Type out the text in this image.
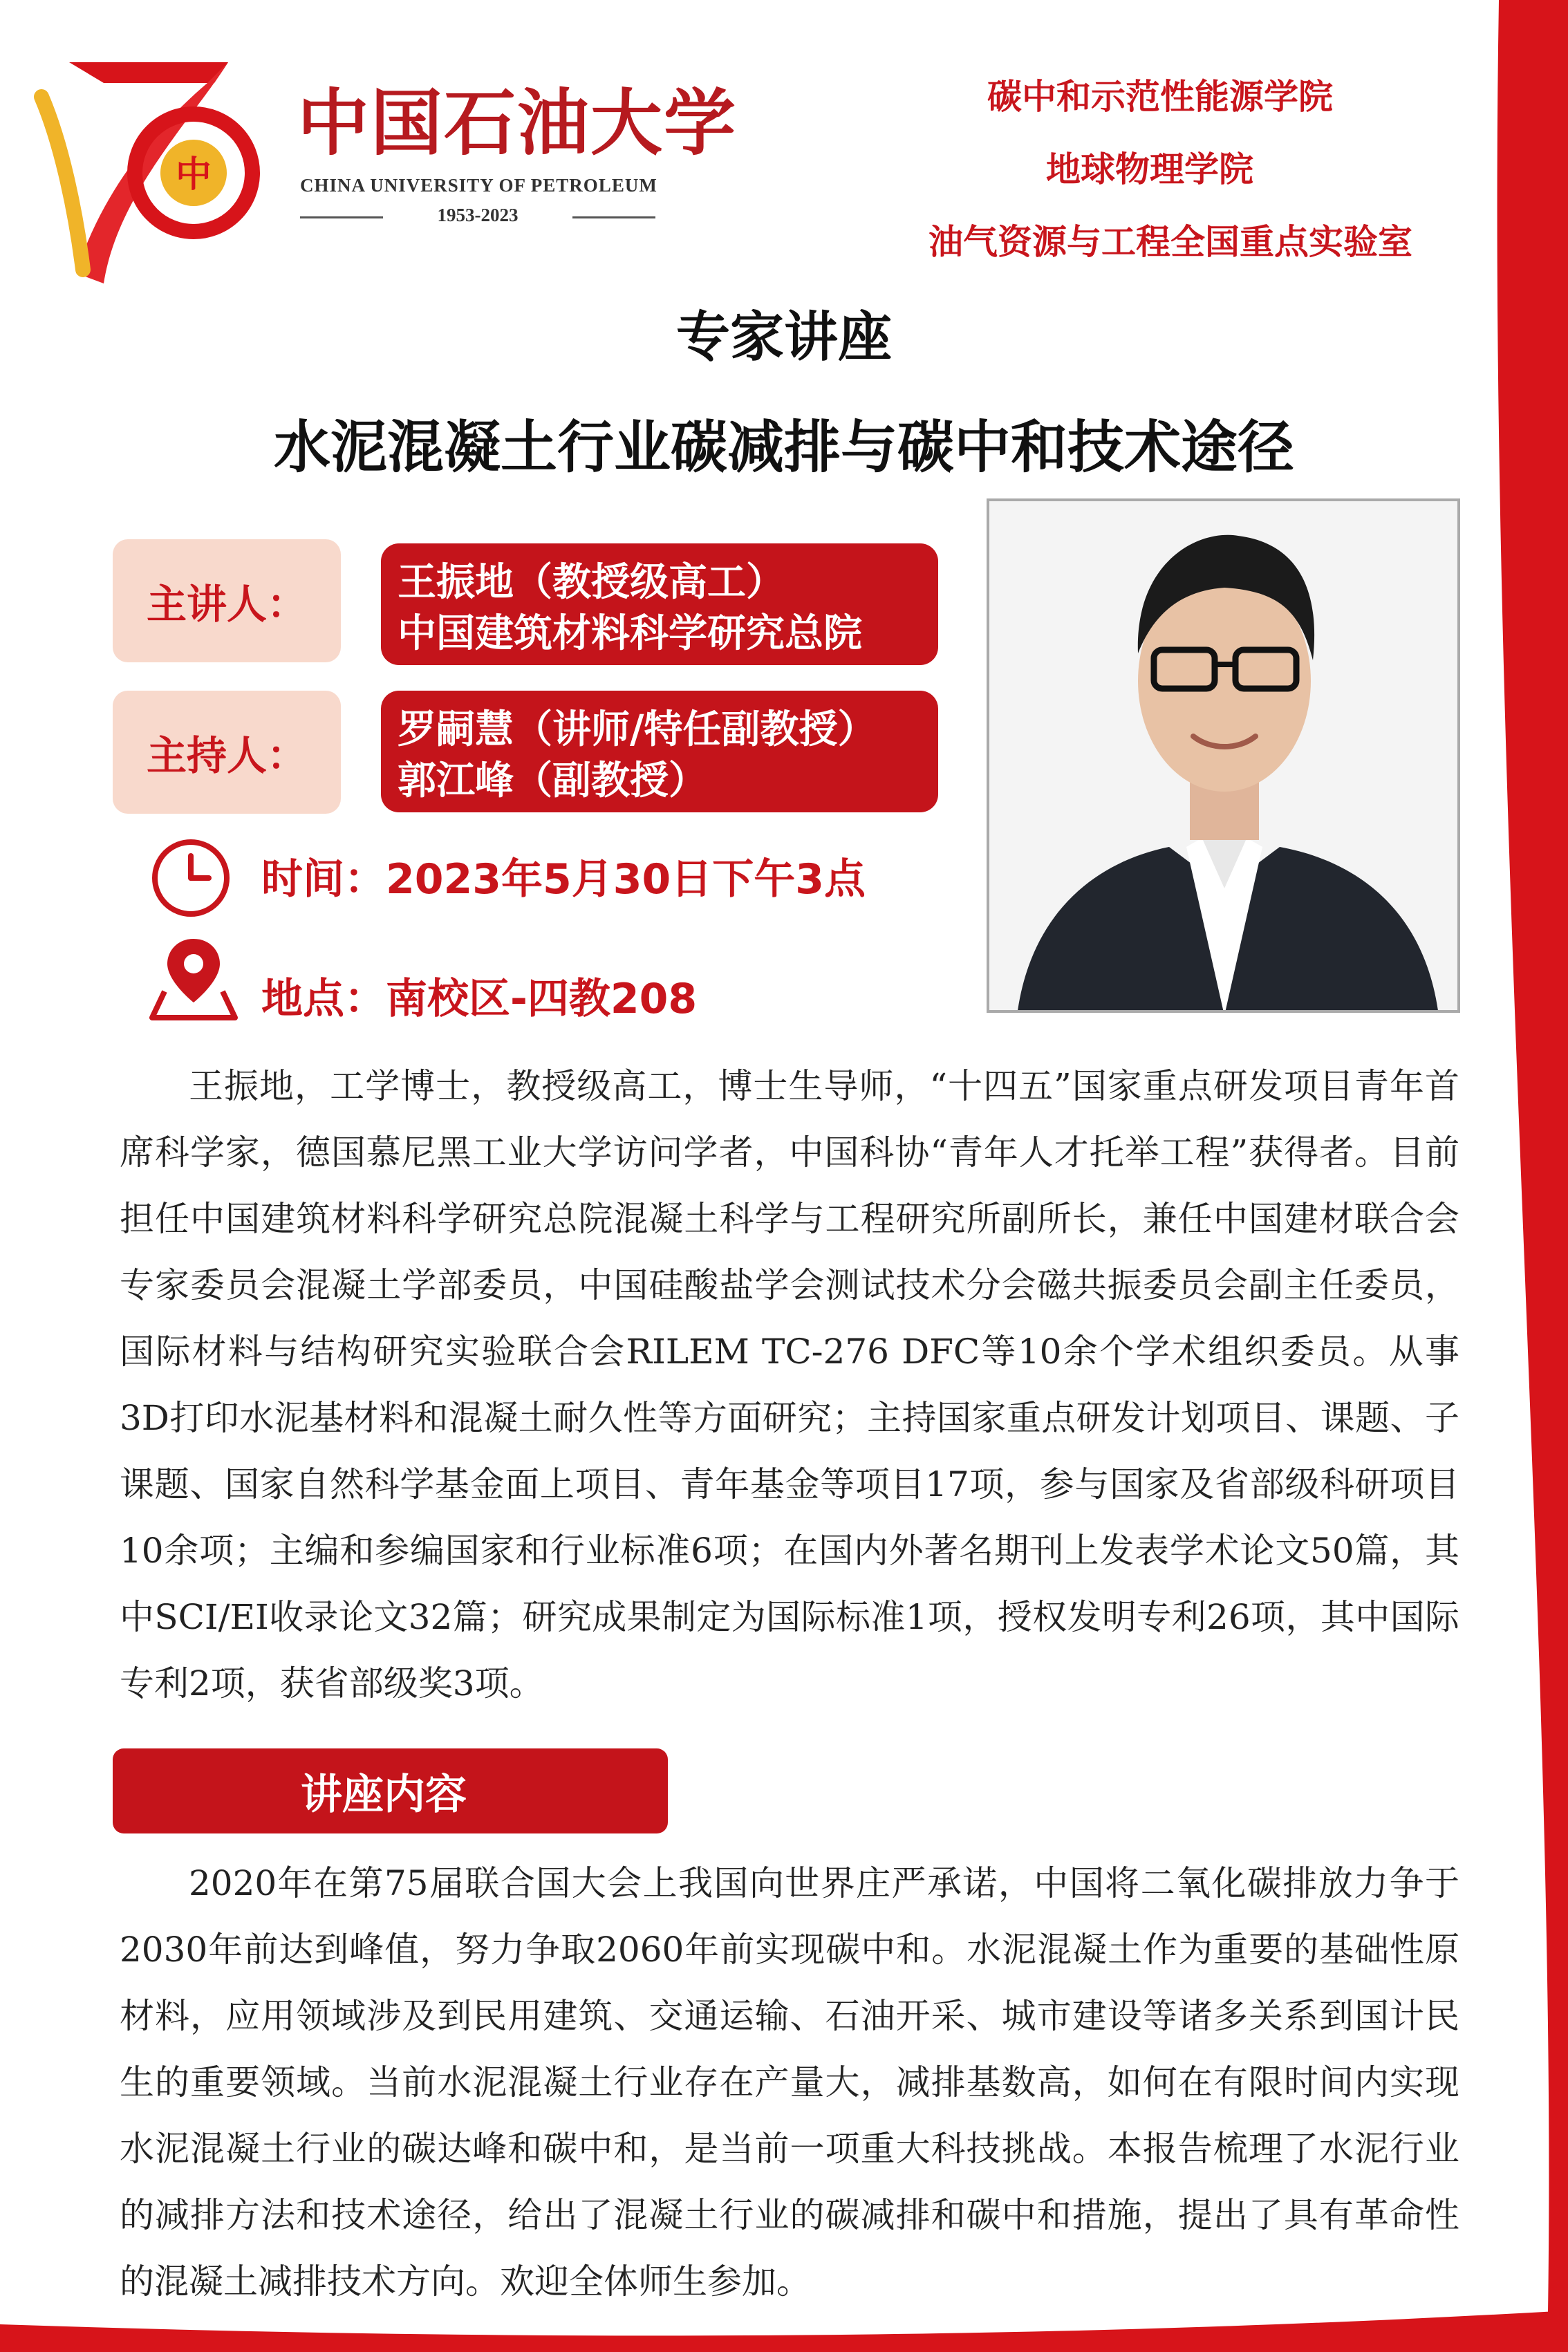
中
中国石油大学
CHINA UNIVERSITY OF PETROLEUM
1953-2023
碳中和示范性能源学院
地球物理学院
油气资源与工程全国重点实验室
专家讲座
水泥混凝土行业碳减排与碳中和技术途径
主讲人：	王振地（教授级高工）
中国建筑材料科学研究总院
主持人：
罗嗣慧（讲师/特任副教授）
郭江峰（副教授）
时间：2023年5月30日下午3点
地点：南校区-四教208

王振地，工学博士，教授级高工，博士生导师，“十四五”国家重点研发项目青年首席科学家，德国慕尼黑工业大学访问学者，中国科协“青年人才托举工程”获得者。目前担任中国建筑材料科学研究总院混凝土科学与工程研究所副所长，兼任中国建材联合会专家委员会混凝土学部委员，中国硅酸盐学会测试技术分会磁共振委员会副主任委员，国际材料与结构研究实验联合会RILEM TC-276 DFC等10余个学术组织委员。从事3D打印水泥基材料和混凝土耐久性等方面研究；主持国家重点研发计划项目、课题、子课题、国家自然科学基金面上项目、青年基金等项目17项，参与国家及省部级科研项目10余项；主编和参编国家和行业标准6项；在国内外著名期刊上发表学术论文50篇，其中SCI/EI收录论文32篇；研究成果制定为国际标准1项，授权发明专利26项，其中国际专利2项，获省部级奖3项。

讲座内容

2020年在第75届联合国大会上我国向世界庄严承诺，中国将二氧化碳排放力争于2030年前达到峰值，努力争取2060年前实现碳中和。水泥混凝土作为重要的基础性原材料，应用领域涉及到民用建筑、交通运输、石油开采、城市建设等诸多关系到国计民生的重要领域。当前水泥混凝土行业存在产量大，减排基数高，如何在有限时间内实现水泥混凝土行业的碳达峰和碳中和，是当前一项重大科技挑战。本报告梳理了水泥行业的减排方法和技术途径，给出了混凝土行业的碳减排和碳中和措施，提出了具有革命性的混凝土减排技术方向。欢迎全体师生参加。
